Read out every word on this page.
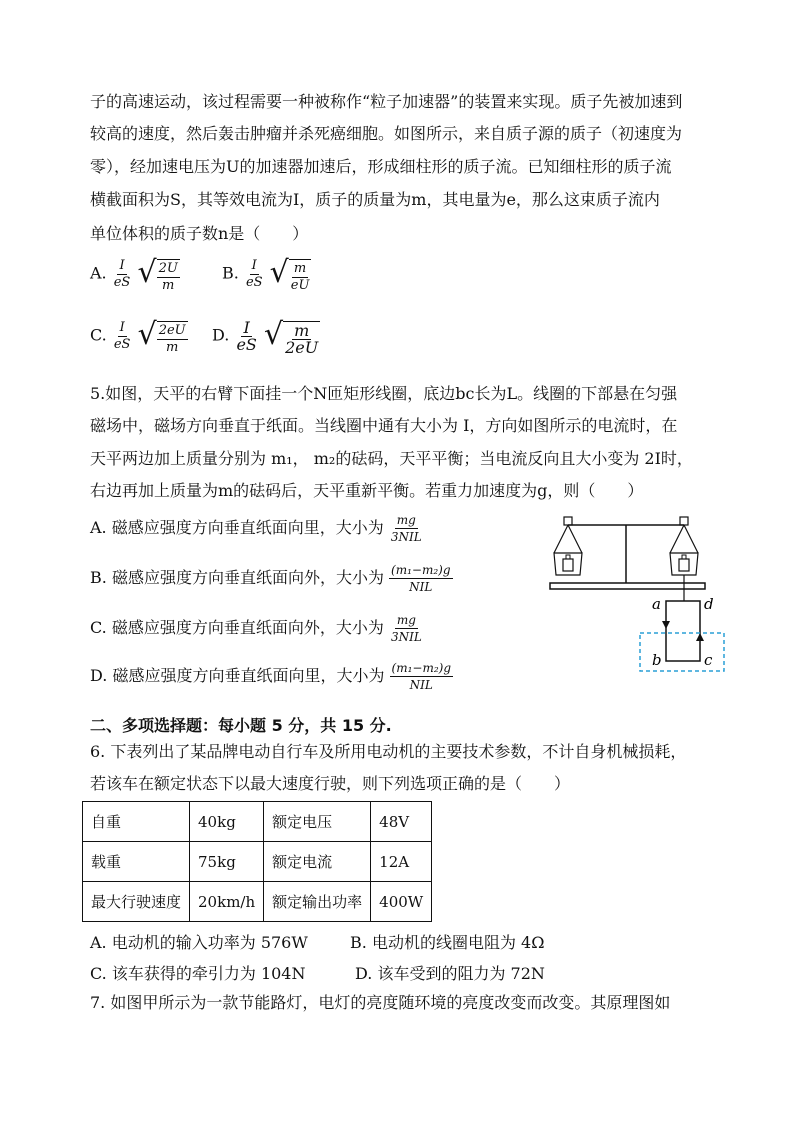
子的高速运动，该过程需要一种被称作“粒子加速器”的装置来实现。质子先被加速到
较高的速度，然后轰击肿瘤并杀死癌细胞。如图所示，来自质子源的质子（初速度为
零），经加速电压为U的加速器加速后，形成细柱形的质子流。已知细柱形的质子流
横截面积为S，其等效电流为I，质子的质量为m，其电量为e，那么这束质子流内
单位体积的质子数n是（　　）
A. $\frac{I}{eS}$
√ $\frac{2U}{m}$	B. $\frac{I}{eS}$
√ $\frac{m}{eU}$
C. $\frac{I}{eS}$
√ $\frac{2eU}{m} D$. $\frac{I}{eS}$
√ $\frac{m}{2eU}$
5.如图，天平的右臂下面挂一个N匝矩形线圈，底边bc长为L。线圈的下部悬在匀强
磁场中，磁场方向垂直于纸面。当线圈中通有大小为 I，方向如图所示的电流时，在
天平两边加上质量分别为 m₁， m₂的砝码，天平平衡；当电流反向且大小变为 2I时，
右边再加上质量为m的砝码后，天平重新平衡。若重力加速度为g，则（　　）
A. 磁感应强度方向垂直纸面向里，大小为 $\frac{mg}{\text{3NIL}}$
B. 磁感应强度方向垂直纸面向外，大小为 $\frac{\text{(m₁−m₂)g}}{\text{NIL}}$
C. 磁感应强度方向垂直纸面向外，大小为 $\frac{mg}{\text{3NIL}}$
D. 磁感应强度方向垂直纸面向里，大小为 $\frac{\text{(m₁−m₂)g}}{\text{NIL}}$
a	d
b	c
二、多项选择题：每小题 5 分，共 15 分.
6. 下表列出了某品牌电动自行车及所用电动机的主要技术参数，不计自身机械损耗，
若该车在额定状态下以最大速度行驶，则下列选项正确的是（　　）
自重	40kg	额定电压	48V
载重	75kg	额定电流	12A
最大行驶速度	20km/h	额定输出功率	400W
A. 电动机的输入功率为 576W	B. 电动机的线圈电阻为 4Ω
C. 该车获得的牵引力为 104N	D. 该车受到的阻力为 72N
7. 如图甲所示为一款节能路灯，电灯的亮度随环境的亮度改变而改变。其原理图如
